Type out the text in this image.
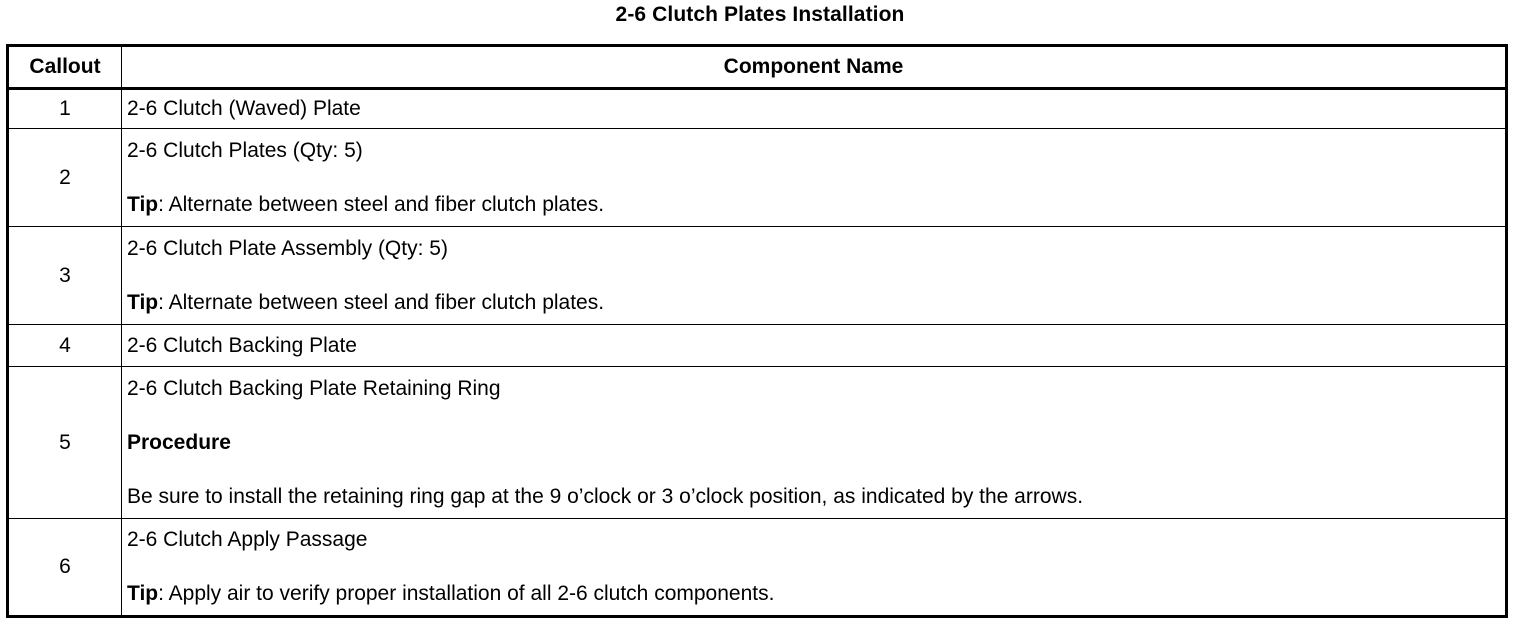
2-6 Clutch Plates Installation
Callout	Component Name
1	2-6 Clutch (Waved) Plate

2	2-6 Clutch Plates (Qty: 5)
Tip: Alternate between steel and fiber clutch plates.

3	2-6 Clutch Plate Assembly (Qty: 5)
Tip: Alternate between steel and fiber clutch plates.

4	2-6 Clutch Backing Plate

5	2-6 Clutch Backing Plate Retaining Ring
Procedure
Be sure to install the retaining ring gap at the 9 o’clock or 3 o’clock position, as indicated by the arrows.

6	2-6 Clutch Apply Passage
Tip: Apply air to verify proper installation of all 2-6 clutch components.
